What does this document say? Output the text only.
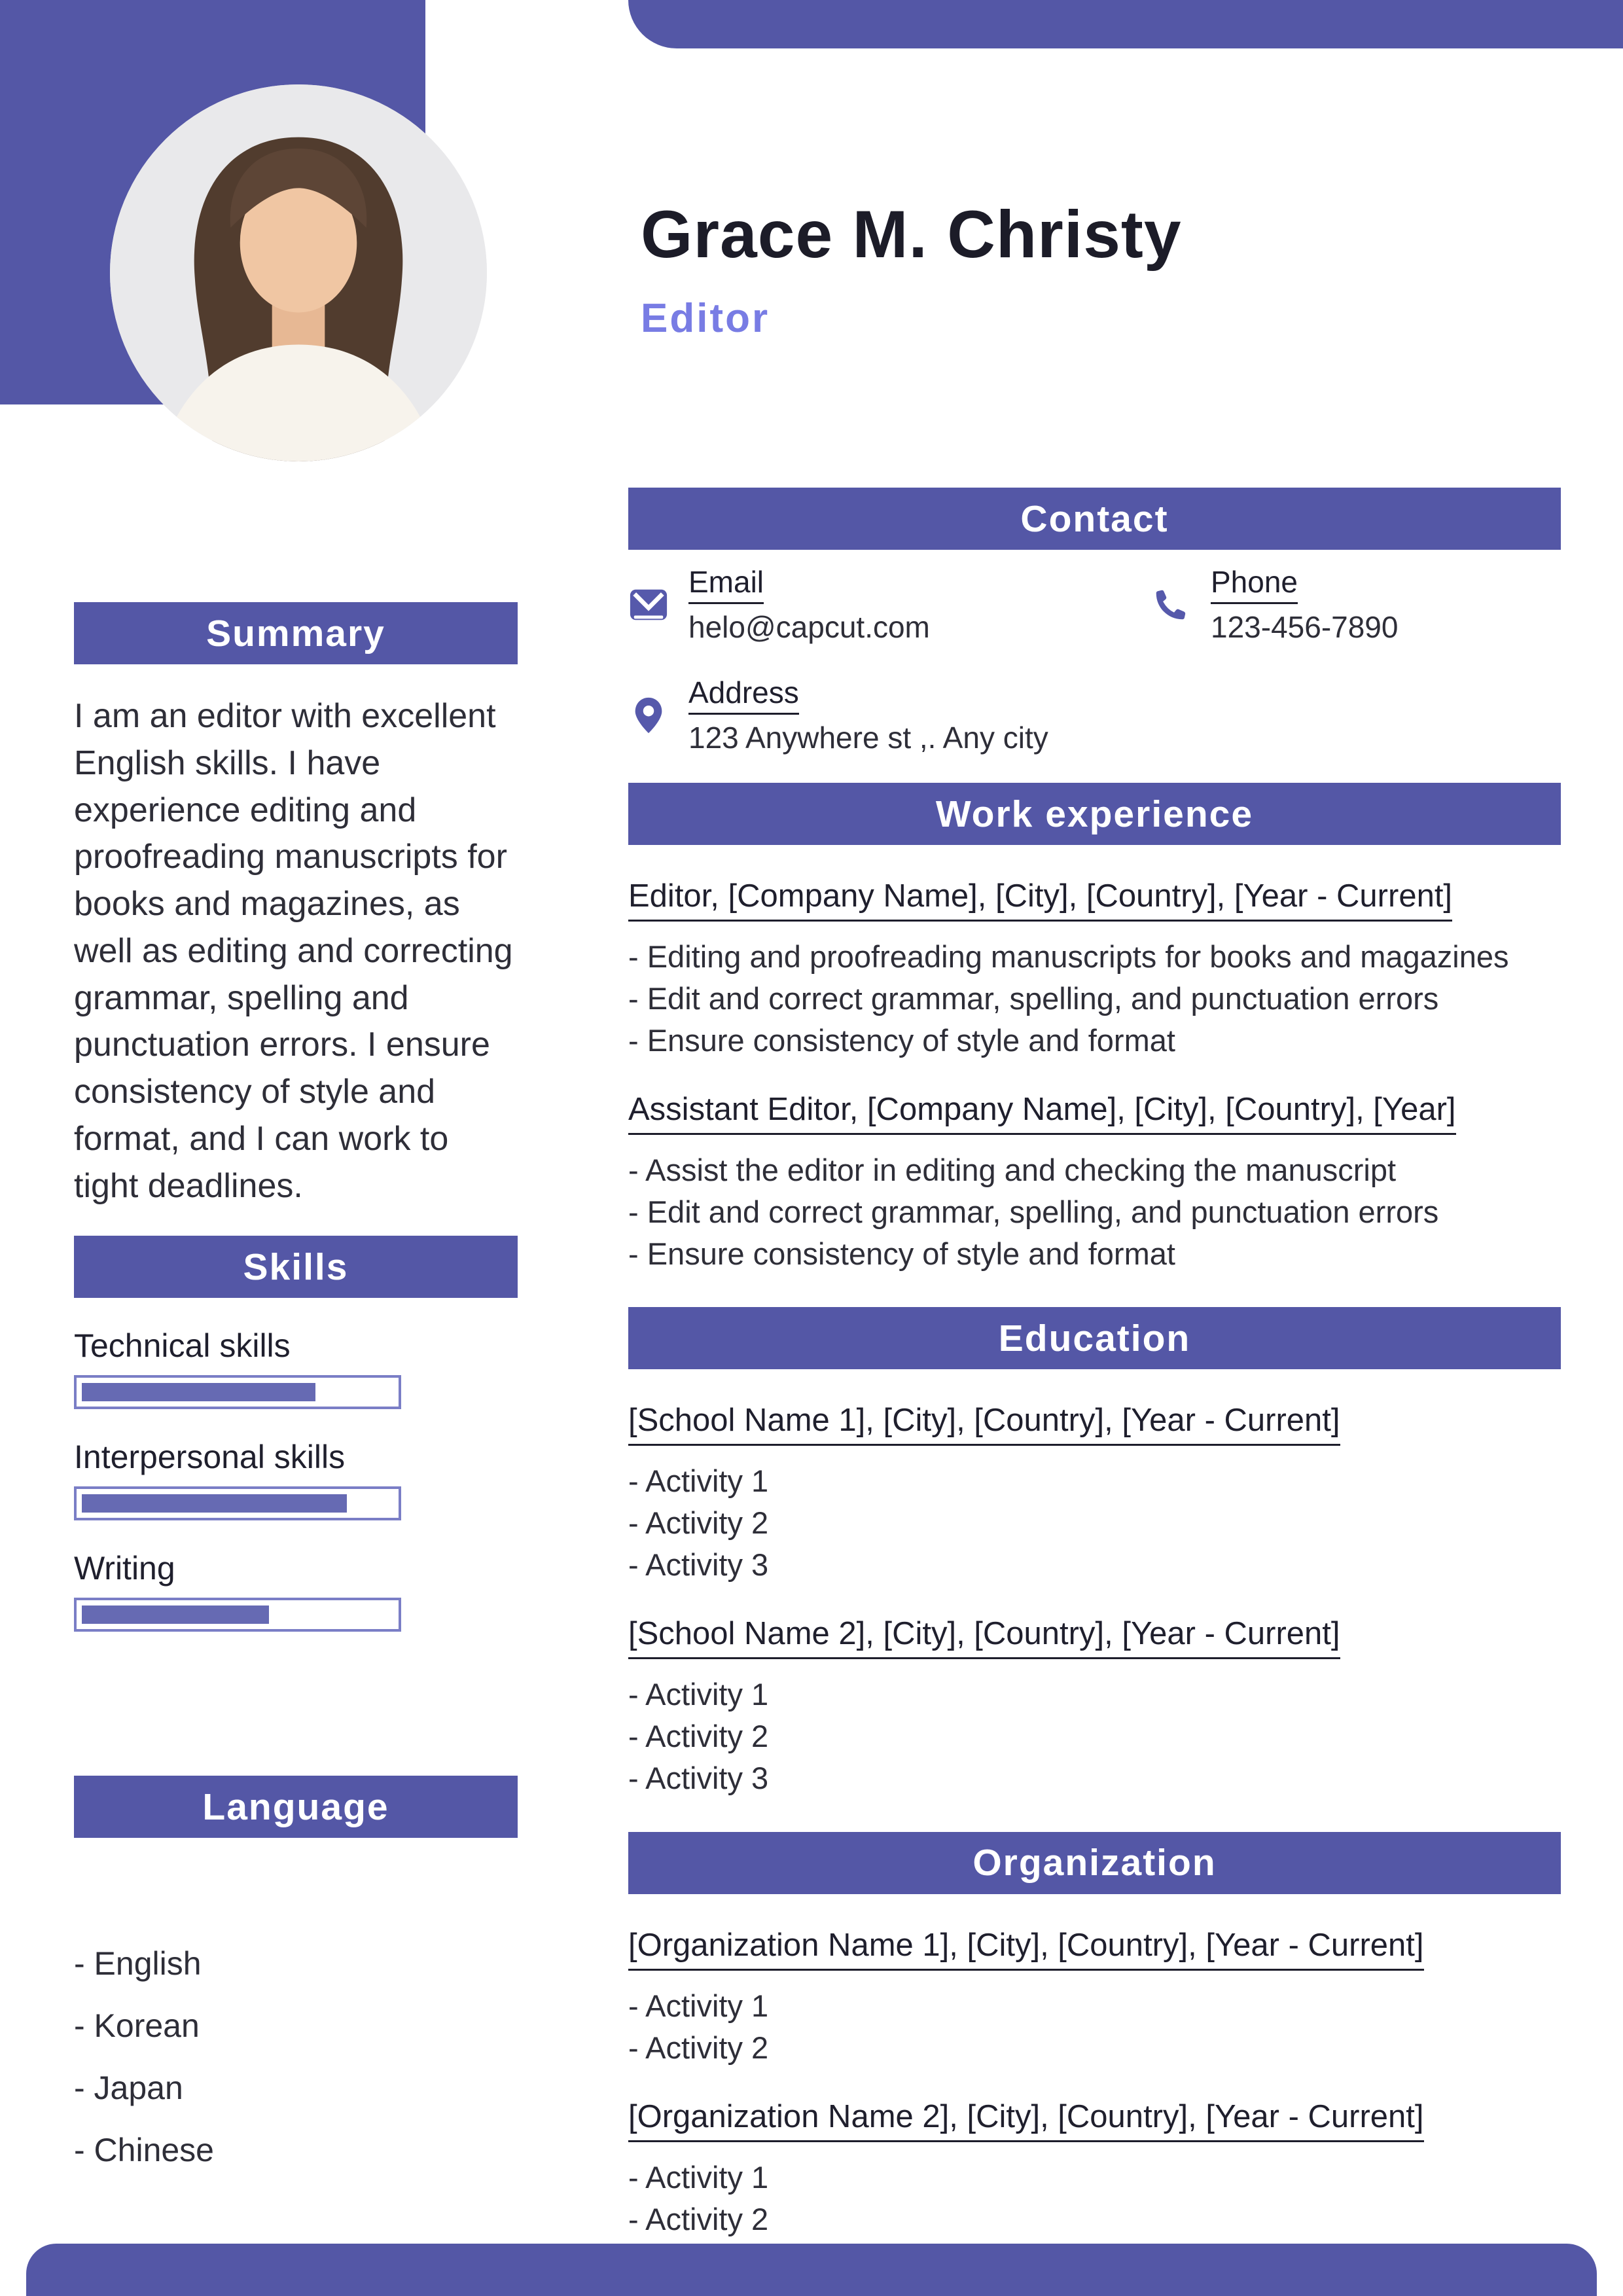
Grace M. Christy
Editor
Summary

I am an editor with excellent English skills. I have experience editing and proofreading manuscripts for books and magazines, as well as editing and correcting grammar, spelling and punctuation errors. I ensure consistency of style and format, and I can work to tight deadlines.

Skills
Technical skills
Interpersonal skills
Writing
Language
- English
- Korean
- Japan
- Chinese
Contact
Email
helo@capcut.com
Phone
123-456-7890
Address
123 Anywhere st ,. Any city
Work experience
Editor, [Company Name], [City], [Country], [Year - Current]
- Editing and proofreading manuscripts for books and magazines
- Edit and correct grammar, spelling, and punctuation errors
- Ensure consistency of style and format
Assistant Editor, [Company Name], [City], [Country], [Year]
- Assist the editor in editing and checking the manuscript
- Edit and correct grammar, spelling, and punctuation errors
- Ensure consistency of style and format
Education
[School Name 1], [City], [Country], [Year - Current]
- Activity 1
- Activity 2
- Activity 3
[School Name 2], [City], [Country], [Year - Current]
- Activity 1
- Activity 2
- Activity 3
Organization
[Organization Name 1], [City], [Country], [Year - Current]
- Activity 1
- Activity 2
[Organization Name 2], [City], [Country], [Year - Current]
- Activity 1
- Activity 2
